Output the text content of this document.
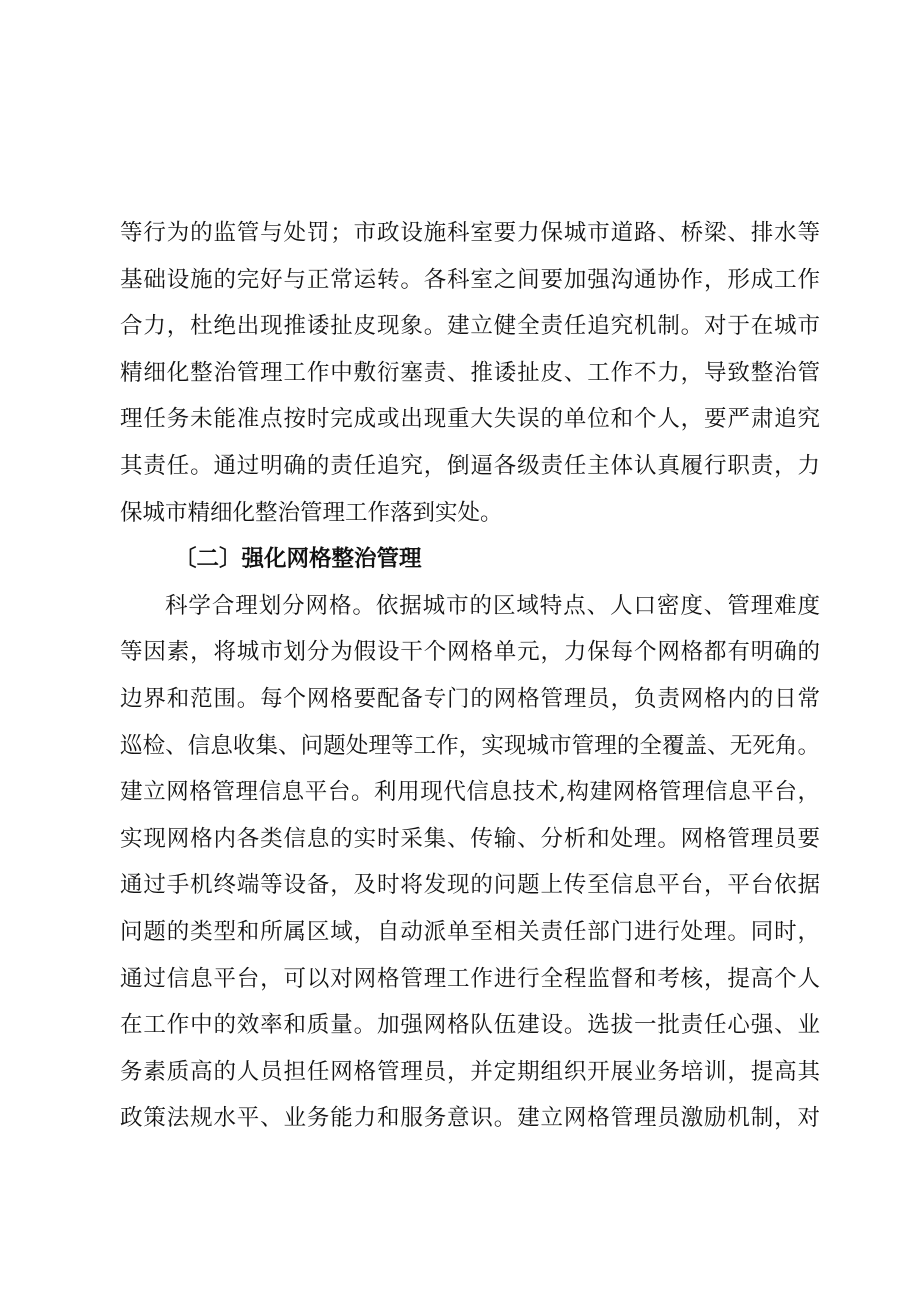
等行为的监管与处罚；市政设施科室要力保城市道路、桥梁、排水等

基础设施的完好与正常运转。各科室之间要加强沟通协作，形成工作

合力，杜绝出现推诿扯皮现象。建立健全责任追究机制。对于在城市

精细化整治管理工作中敷衍塞责、推诿扯皮、工作不力，导致整治管

理任务未能准点按时完成或出现重大失误的单位和个人，要严肃追究

其责任。通过明确的责任追究，倒逼各级责任主体认真履行职责，力

保城市精细化整治管理工作落到实处。

〔二〕强化网格整治管理

科学合理划分网格。依据城市的区域特点、人口密度、管理难度

等因素，将城市划分为假设干个网格单元，力保每个网格都有明确的

边界和范围。每个网格要配备专门的网格管理员，负责网格内的日常

巡检、信息收集、问题处理等工作，实现城市管理的全覆盖、无死角。

建立网格管理信息平台。利用现代信息技术,构建网格管理信息平台，

实现网格内各类信息的实时采集、传输、分析和处理。网格管理员要

通过手机终端等设备，及时将发现的问题上传至信息平台，平台依据

问题的类型和所属区域，自动派单至相关责任部门进行处理。同时，

通过信息平台，可以对网格管理工作进行全程监督和考核，提高个人

在工作中的效率和质量。加强网格队伍建设。选拔一批责任心强、业

务素质高的人员担任网格管理员，并定期组织开展业务培训，提高其

政策法规水平、业务能力和服务意识。建立网格管理员激励机制，对
